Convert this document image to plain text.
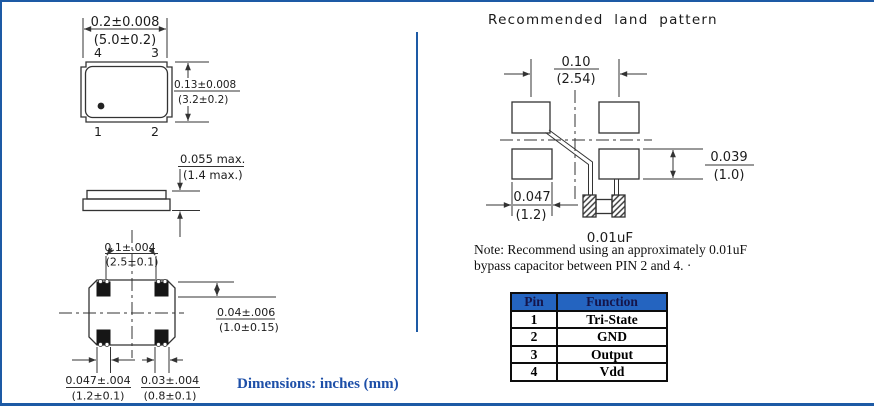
4	3
1	2
0.2±0.008
(5.0±0.2)
0.13±0.008
(3.2±0.2)
0.055 max.
(1.4 max.)
0.1±.004
(2.5±0.1)
0.04±.006
(1.0±0.15)
0.047±.004
(1.2±0.1)
0.03±.004
(0.8±0.1)
0.10
(2.54)
0.01uF
0.039
(1.0)
0.047
(1.2)
Recommended land pattern
Note: Recommend using an approximately 0.01uF
bypass capacitor between PIN 2 and 4. ·
Dimensions: inches (mm)
Pin	Function
1	Tri-State
2	GND
3	Output
4	Vdd
